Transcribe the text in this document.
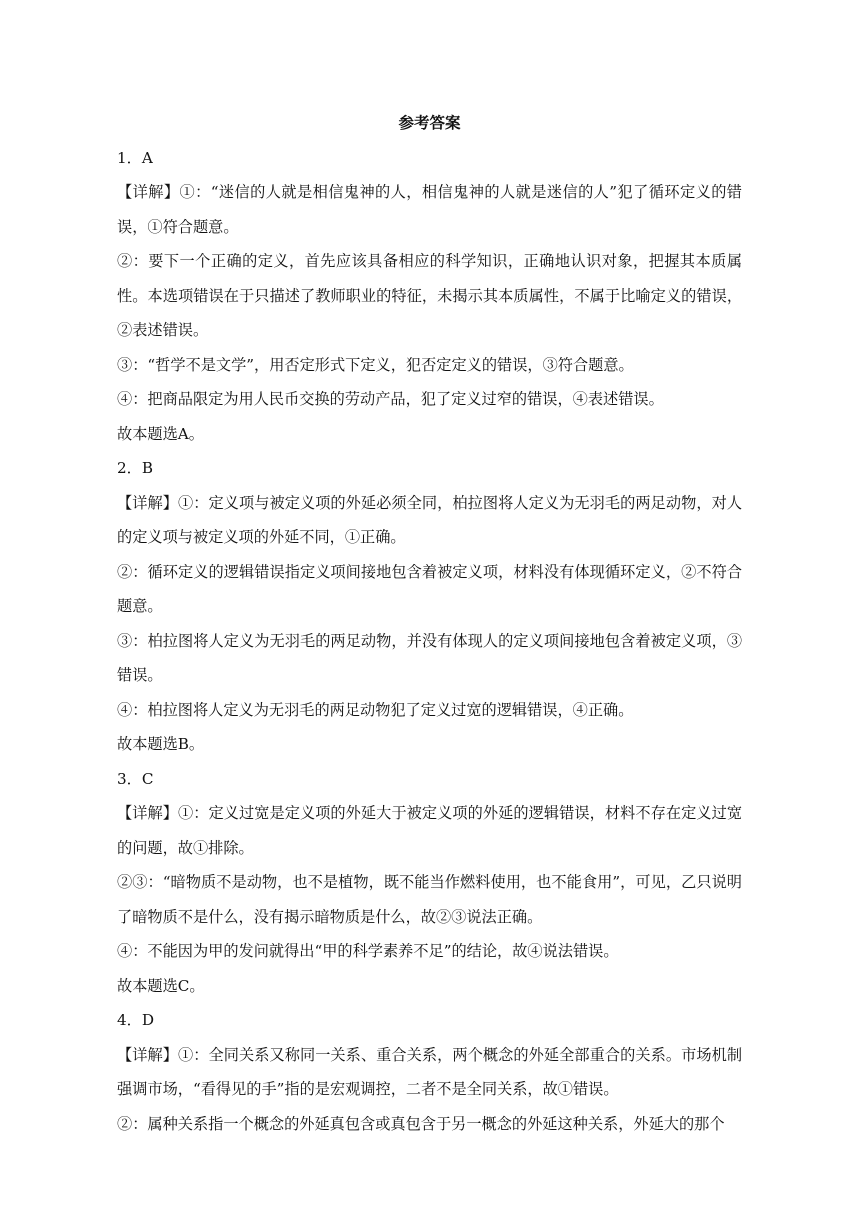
参考答案

1．A

【详解】①：“迷信的人就是相信鬼神的人，相信鬼神的人就是迷信的人”犯了循环定义的错误，①符合题意。

②：要下一个正确的定义，首先应该具备相应的科学知识，正确地认识对象，把握其本质属性。本选项错误在于只描述了教师职业的特征，未揭示其本质属性，不属于比喻定义的错误，②表述错误。

③：“哲学不是文学”，用否定形式下定义，犯否定定义的错误，③符合题意。

④：把商品限定为用人民币交换的劳动产品，犯了定义过窄的错误，④表述错误。

故本题选A。

2．B

【详解】①：定义项与被定义项的外延必须全同，柏拉图将人定义为无羽毛的两足动物，对人的定义项与被定义项的外延不同，①正确。

②：循环定义的逻辑错误指定义项间接地包含着被定义项，材料没有体现循环定义，②不符合题意。

③：柏拉图将人定义为无羽毛的两足动物，并没有体现人的定义项间接地包含着被定义项，③错误。

④：柏拉图将人定义为无羽毛的两足动物犯了定义过宽的逻辑错误，④正确。

故本题选B。

3．C

【详解】①：定义过宽是定义项的外延大于被定义项的外延的逻辑错误，材料不存在定义过宽的问题，故①排除。

②③：“暗物质不是动物，也不是植物，既不能当作燃料使用，也不能食用”，可见，乙只说明了暗物质不是什么，没有揭示暗物质是什么，故②③说法正确。

④：不能因为甲的发问就得出“甲的科学素养不足”的结论，故④说法错误。

故本题选C。

4．D

【详解】①：全同关系又称同一关系、重合关系，两个概念的外延全部重合的关系。市场机制强调市场，“看得见的手”指的是宏观调控，二者不是全同关系，故①错误。

②：属种关系指一个概念的外延真包含或真包含于另一概念的外延这种关系，外延大的那个
